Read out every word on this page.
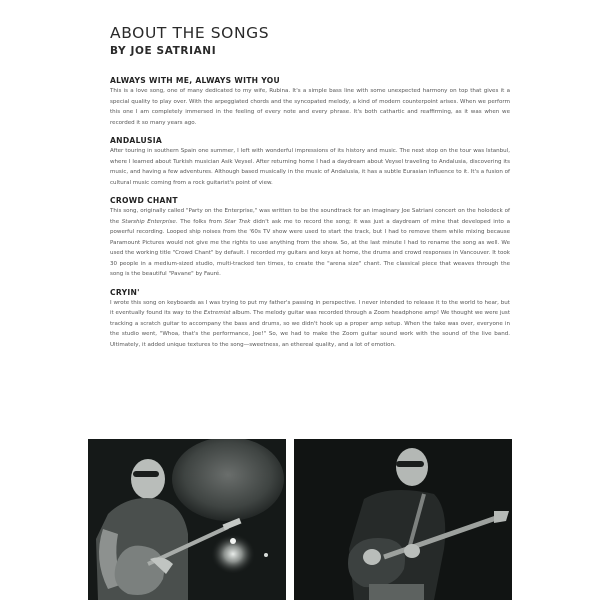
ABOUT THE SONGS
BY JOE SATRIANI
ALWAYS WITH ME, ALWAYS WITH YOU

This is a love song, one of many dedicated to my wife, Rubina. It's a simple bass line with some unexpected harmony on top that gives it a special quality to play over. With the arpeggiated chords and the syncopated melody, a kind of modern counterpoint arises. When we perform this one I am completely immersed in the feeling of every note and every phrase. It's both cathartic and reaffirming, as it was when we recorded it so many years ago.

ANDALUSIA

After touring in southern Spain one summer, I left with wonderful impressions of its history and music. The next stop on the tour was Istanbul, where I learned about Turkish musician Asik Veysel. After returning home I had a daydream about Veysel traveling to Andalusia, discovering its music, and having a few adventures. Although based musically in the music of Andalusia, it has a subtle Eurasian influence to it. It's a fusion of cultural music coming from a rock guitarist's point of view.

CROWD CHANT

This song, originally called "Party on the Enterprise," was written to be the soundtrack for an imaginary Joe Satriani concert on the holodeck of the Starship Enterprise. The folks from Star Trek didn't ask me to record the song; it was just a daydream of mine that developed into a powerful recording. Looped ship noises from the '60s TV show were used to start the track, but I had to remove them while mixing because Paramount Pictures would not give me the rights to use anything from the show. So, at the last minute I had to rename the song as well. We used the working title "Crowd Chant" by default. I recorded my guitars and keys at home, the drums and crowd responses in Vancouver. It took 30 people in a medium-sized studio, multi-tracked ten times, to create the "arena size" chant. The classical piece that weaves through the song is the beautiful "Pavane" by Fauré.

CRYIN'

I wrote this song on keyboards as I was trying to put my father's passing in perspective. I never intended to release it to the world to hear, but it eventually found its way to the Extremist album. The melody guitar was recorded through a Zoom headphone amp! We thought we were just tracking a scratch guitar to accompany the bass and drums, so we didn't hook up a proper amp setup. When the take was over, everyone in the studio went, "Whoa, that's the performance, Joe!" So, we had to make the Zoom guitar sound work with the sound of the live band. Ultimately, it added unique textures to the song—sweetness, an ethereal quality, and a lot of emotion.
